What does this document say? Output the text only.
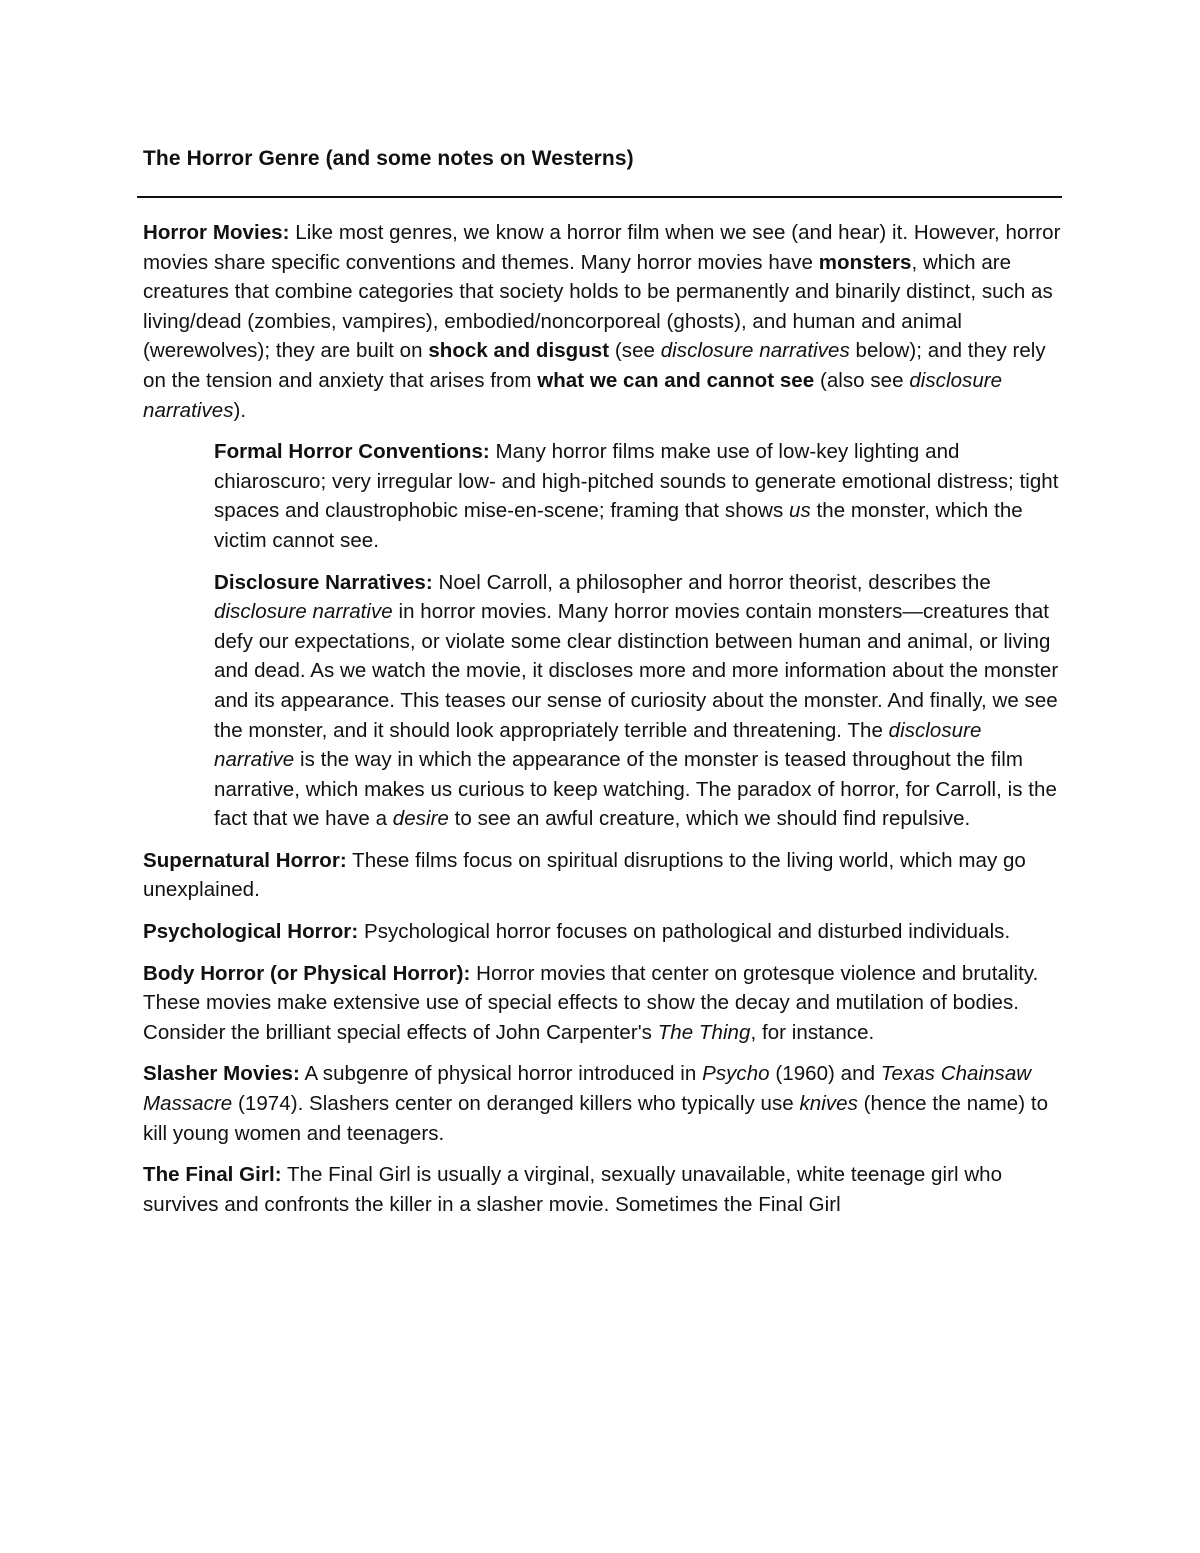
The Horror Genre (and some notes on Westerns)

Horror Movies: Like most genres, we know a horror film when we see (and hear) it. However, horror movies share specific conventions and themes. Many horror movies have monsters, which are creatures that combine categories that society holds to be permanently and binarily distinct, such as living/dead (zombies, vampires), embodied/noncorporeal (ghosts), and human and animal (werewolves); they are built on shock and disgust (see disclosure narratives below); and they rely on the tension and anxiety that arises from what we can and cannot see (also see disclosure narratives).

Formal Horror Conventions: Many horror films make use of low-key lighting and chiaroscuro; very irregular low- and high-pitched sounds to generate emotional distress; tight spaces and claustrophobic mise-en-scene; framing that shows us the monster, which the victim cannot see.

Disclosure Narratives: Noel Carroll, a philosopher and horror theorist, describes the disclosure narrative in horror movies. Many horror movies contain monsters—creatures that defy our expectations, or violate some clear distinction between human and animal, or living and dead. As we watch the movie, it discloses more and more information about the monster and its appearance. This teases our sense of curiosity about the monster. And finally, we see the monster, and it should look appropriately terrible and threatening. The disclosure narrative is the way in which the appearance of the monster is teased throughout the film narrative, which makes us curious to keep watching. The paradox of horror, for Carroll, is the fact that we have a desire to see an awful creature, which we should find repulsive.

Supernatural Horror: These films focus on spiritual disruptions to the living world, which may go unexplained.

Psychological Horror: Psychological horror focuses on pathological and disturbed individuals.

Body Horror (or Physical Horror): Horror movies that center on grotesque violence and brutality. These movies make extensive use of special effects to show the decay and mutilation of bodies. Consider the brilliant special effects of John Carpenter's The Thing, for instance.

Slasher Movies: A subgenre of physical horror introduced in Psycho (1960) and Texas Chainsaw Massacre (1974). Slashers center on deranged killers who typically use knives (hence the name) to kill young women and teenagers.

The Final Girl: The Final Girl is usually a virginal, sexually unavailable, white teenage girl who survives and confronts the killer in a slasher movie. Sometimes the Final Girl
